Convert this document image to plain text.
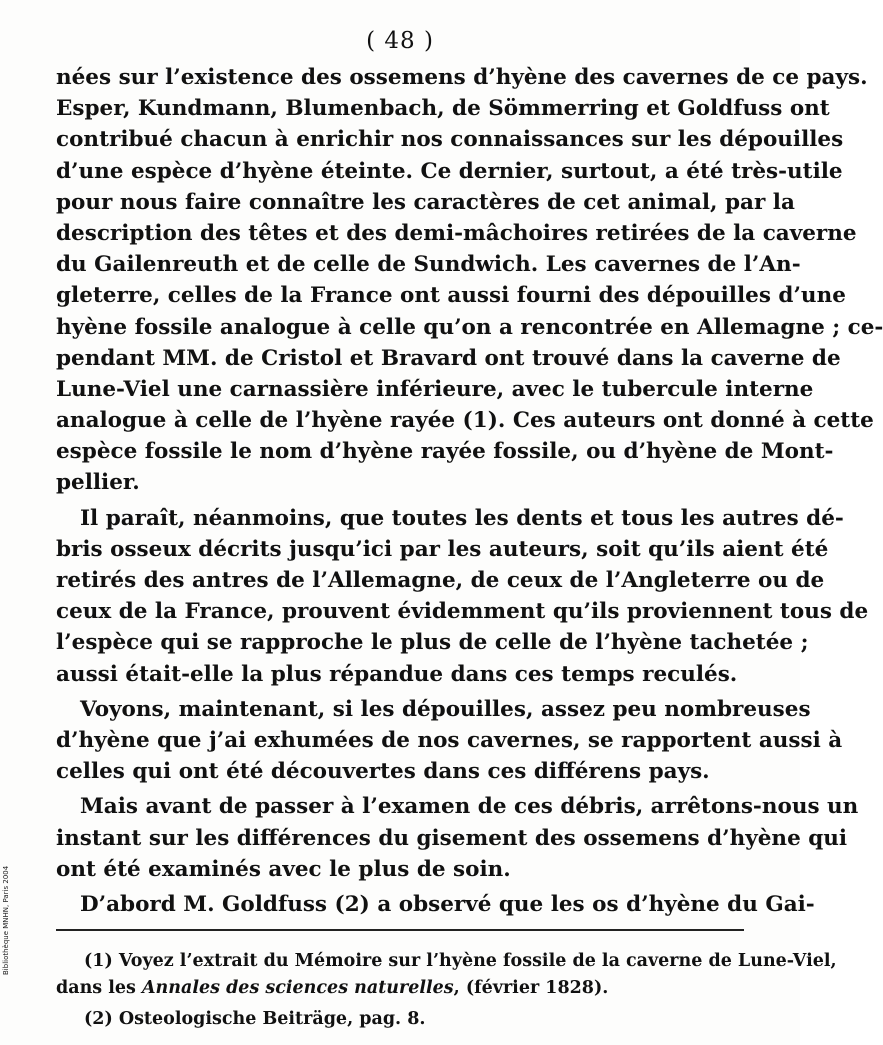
( 48 )
nées sur l’existence des ossemens d’hyène des cavernes de ce pays.
Esper, Kundmann, Blumenbach, de Sömmerring et Goldfuss ont
contribué chacun à enrichir nos connaissances sur les dépouilles
d’une espèce d’hyène éteinte. Ce dernier, surtout, a été très-utile
pour nous faire connaître les caractères de cet animal, par la
description des têtes et des demi-mâchoires retirées de la caverne
du Gailenreuth et de celle de Sundwich. Les cavernes de l’An-
gleterre, celles de la France ont aussi fourni des dépouilles d’une
hyène fossile analogue à celle qu’on a rencontrée en Allemagne ; ce-
pendant MM. de Cristol et Bravard ont trouvé dans la caverne de
Lune-Viel une carnassière inférieure, avec le tubercule interne
analogue à celle de l’hyène rayée (1). Ces auteurs ont donné à cette
espèce fossile le nom d’hyène rayée fossile, ou d’hyène de Mont-
pellier.
Il paraît, néanmoins, que toutes les dents et tous les autres dé-
bris osseux décrits jusqu’ici par les auteurs, soit qu’ils aient été
retirés des antres de l’Allemagne, de ceux de l’Angleterre ou de
ceux de la France, prouvent évidemment qu’ils proviennent tous de
l’espèce qui se rapproche le plus de celle de l’hyène tachetée ;
aussi était-elle la plus répandue dans ces temps reculés.
Voyons, maintenant, si les dépouilles, assez peu nombreuses
d’hyène que j’ai exhumées de nos cavernes, se rapportent aussi à
celles qui ont été découvertes dans ces différens pays.
Mais avant de passer à l’examen de ces débris, arrêtons-nous un
instant sur les différences du gisement des ossemens d’hyène qui
ont été examinés avec le plus de soin.
D’abord M. Goldfuss (2) a observé que les os d’hyène du Gai-
(1) Voyez l’extrait du Mémoire sur l’hyène fossile de la caverne de Lune-Viel,
dans les Annales des sciences naturelles, (février 1828).
(2) Osteologische Beiträge, pag. 8.
Bibliothèque MNHN, Paris 2004
